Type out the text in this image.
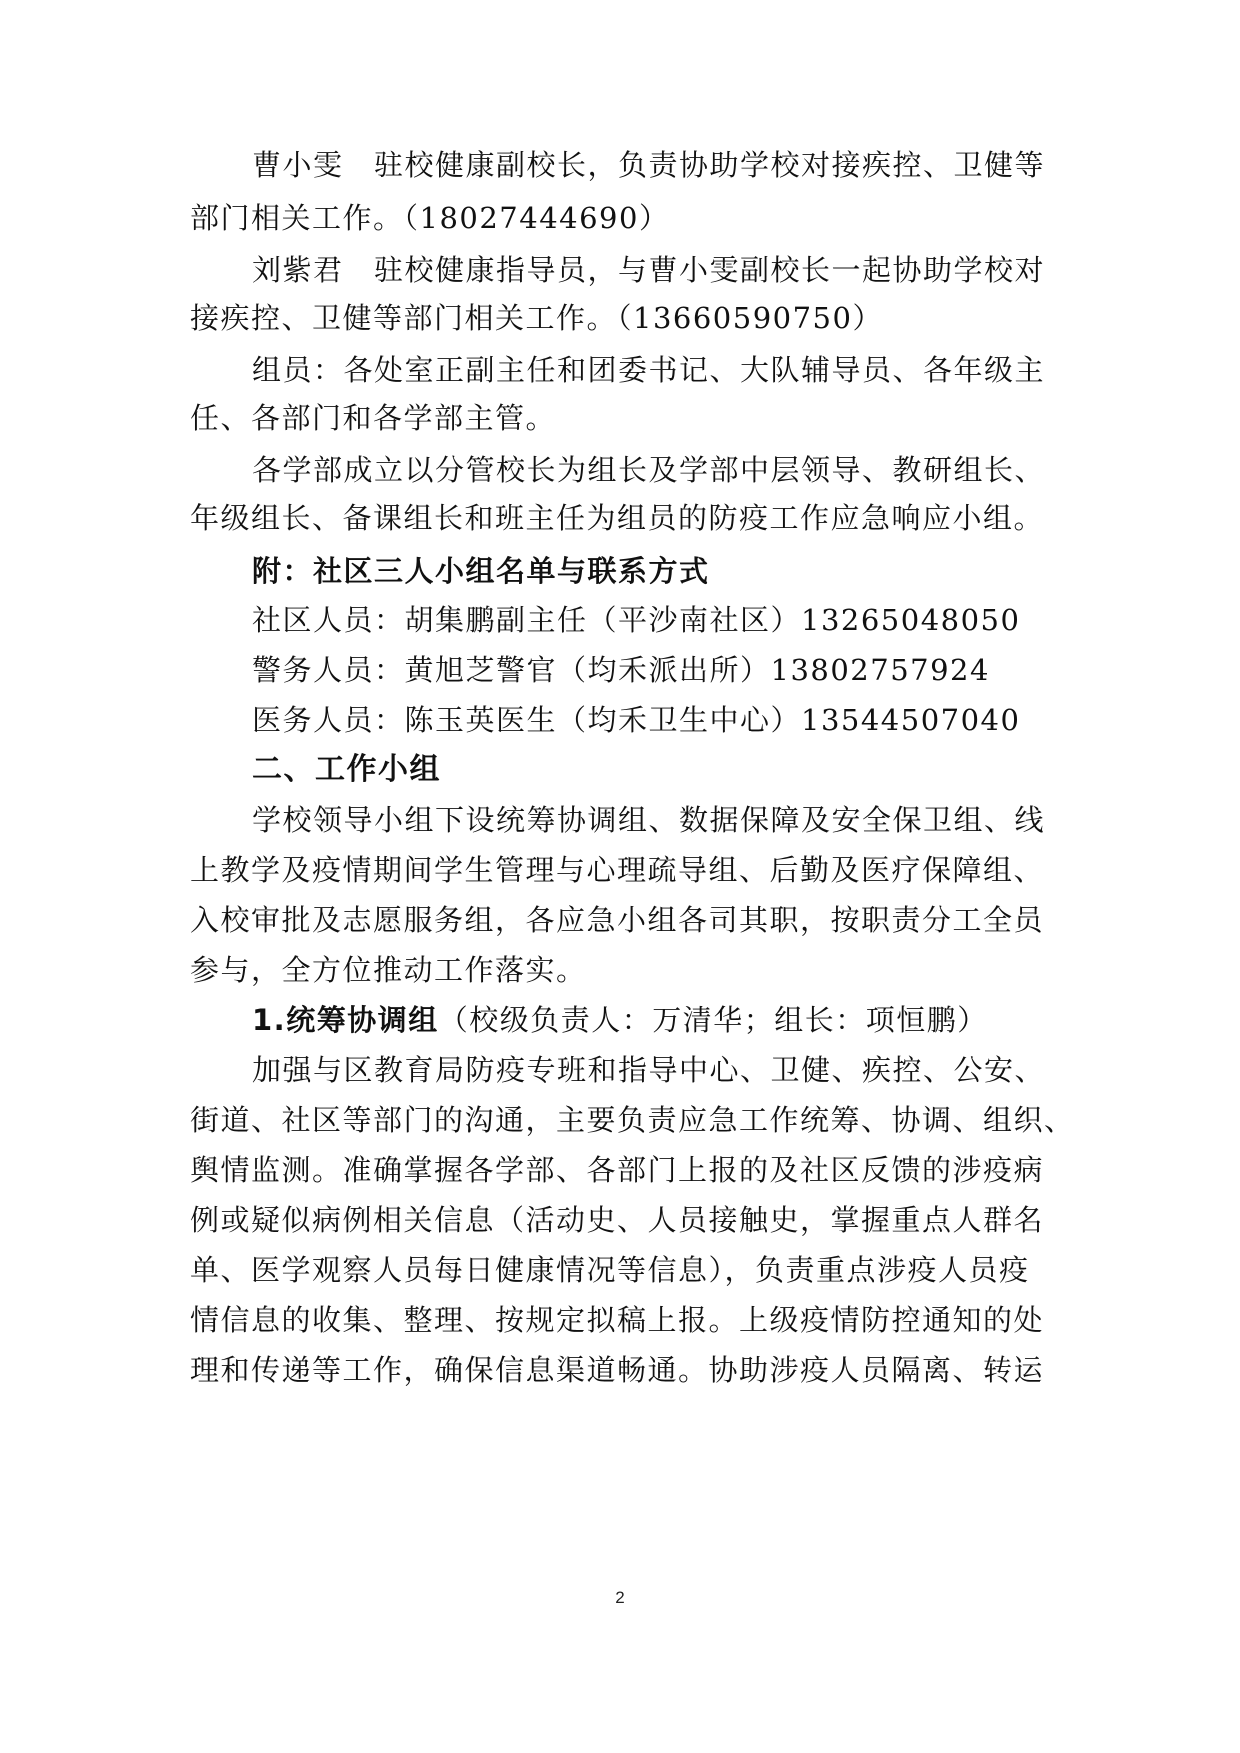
曹小雯　驻校健康副校长，负责协助学校对接疾控、卫健等
部门相关工作。（18027444690）
刘紫君　驻校健康指导员，与曹小雯副校长一起协助学校对
接疾控、卫健等部门相关工作。（13660590750）
组员：各处室正副主任和团委书记、大队辅导员、各年级主
任、各部门和各学部主管。
各学部成立以分管校长为组长及学部中层领导、教研组长、
年级组长、备课组长和班主任为组员的防疫工作应急响应小组。
附：社区三人小组名单与联系方式
社区人员：胡集鹏副主任（平沙南社区）13265048050
警务人员：黄旭芝警官（均禾派出所）13802757924
医务人员：陈玉英医生（均禾卫生中心）13544507040
二、工作小组
学校领导小组下设统筹协调组、数据保障及安全保卫组、线
上教学及疫情期间学生管理与心理疏导组、后勤及医疗保障组、
入校审批及志愿服务组，各应急小组各司其职，按职责分工全员
参与，全方位推动工作落实。
1.统筹协调组（校级负责人：万清华；组长：项恒鹏）
加强与区教育局防疫专班和指导中心、卫健、疾控、公安、
街道、社区等部门的沟通，主要负责应急工作统筹、协调、组织、
舆情监测。准确掌握各学部、各部门上报的及社区反馈的涉疫病
例或疑似病例相关信息（活动史、人员接触史，掌握重点人群名
单、医学观察人员每日健康情况等信息），负责重点涉疫人员疫
情信息的收集、整理、按规定拟稿上报。上级疫情防控通知的处
理和传递等工作，确保信息渠道畅通。协助涉疫人员隔离、转运
2
